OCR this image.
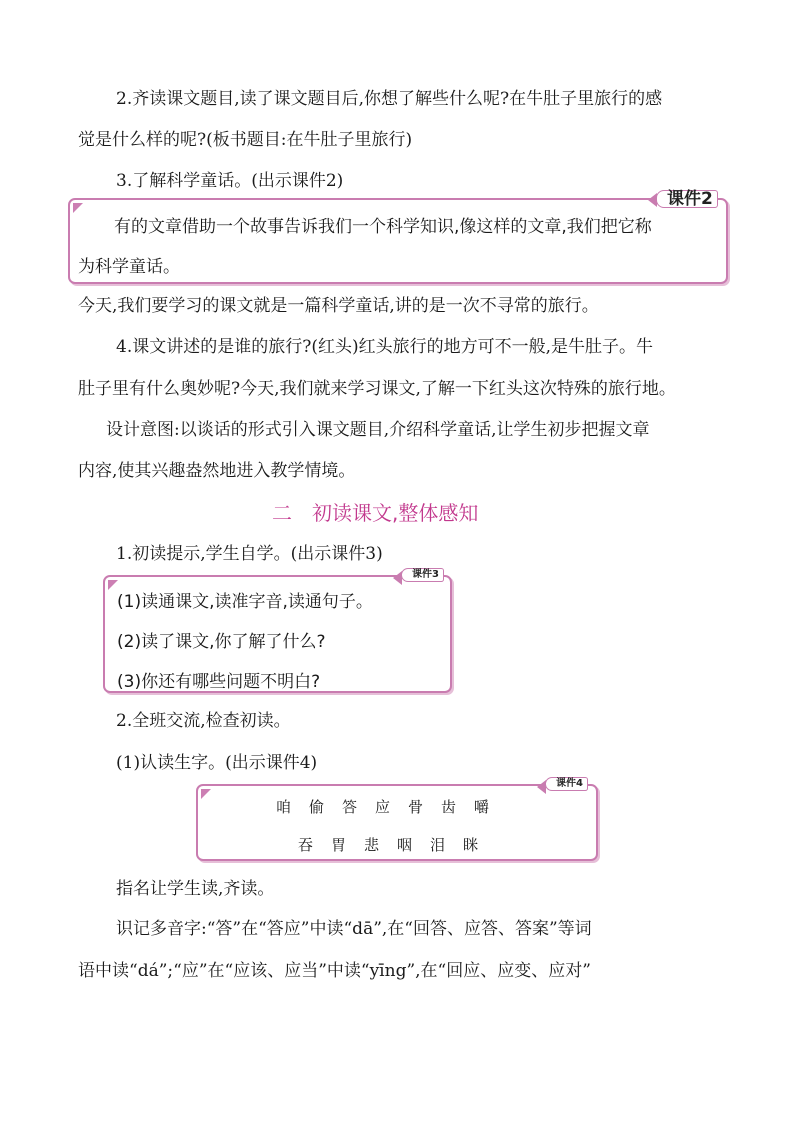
2.齐读课文题目,读了课文题目后,你想了解些什么呢?在牛肚子里旅行的感
觉是什么样的呢?(板书题目:在牛肚子里旅行)
3.了解科学童话。(出示课件2)
课件2
有的文章借助一个故事告诉我们一个科学知识,像这样的文章,我们把它称
为科学童话。
今天,我们要学习的课文就是一篇科学童话,讲的是一次不寻常的旅行。
4.课文讲述的是谁的旅行?(红头)红头旅行的地方可不一般,是牛肚子。牛
肚子里有什么奥妙呢?今天,我们就来学习课文,了解一下红头这次特殊的旅行地。
设计意图:以谈话的形式引入课文题目,介绍科学童话,让学生初步把握文章
内容,使其兴趣盎然地进入教学情境。
二　初读课文,整体感知
1.初读提示,学生自学。(出示课件3)
课件3
(1)读通课文,读准字音,读通句子。
(2)读了课文,你了解了什么?
(3)你还有哪些问题不明白?
2.全班交流,检查初读。
(1)认读生字。(出示课件4)
课件4
咱偷答应骨齿嚼
吞胃悲咽泪眯
指名让学生读,齐读。
识记多音字:“答”在“答应”中读“dā”,在“回答、应答、答案”等词
语中读“dá”;“应”在“应该、应当”中读“yīng”,在“回应、应变、应对”
